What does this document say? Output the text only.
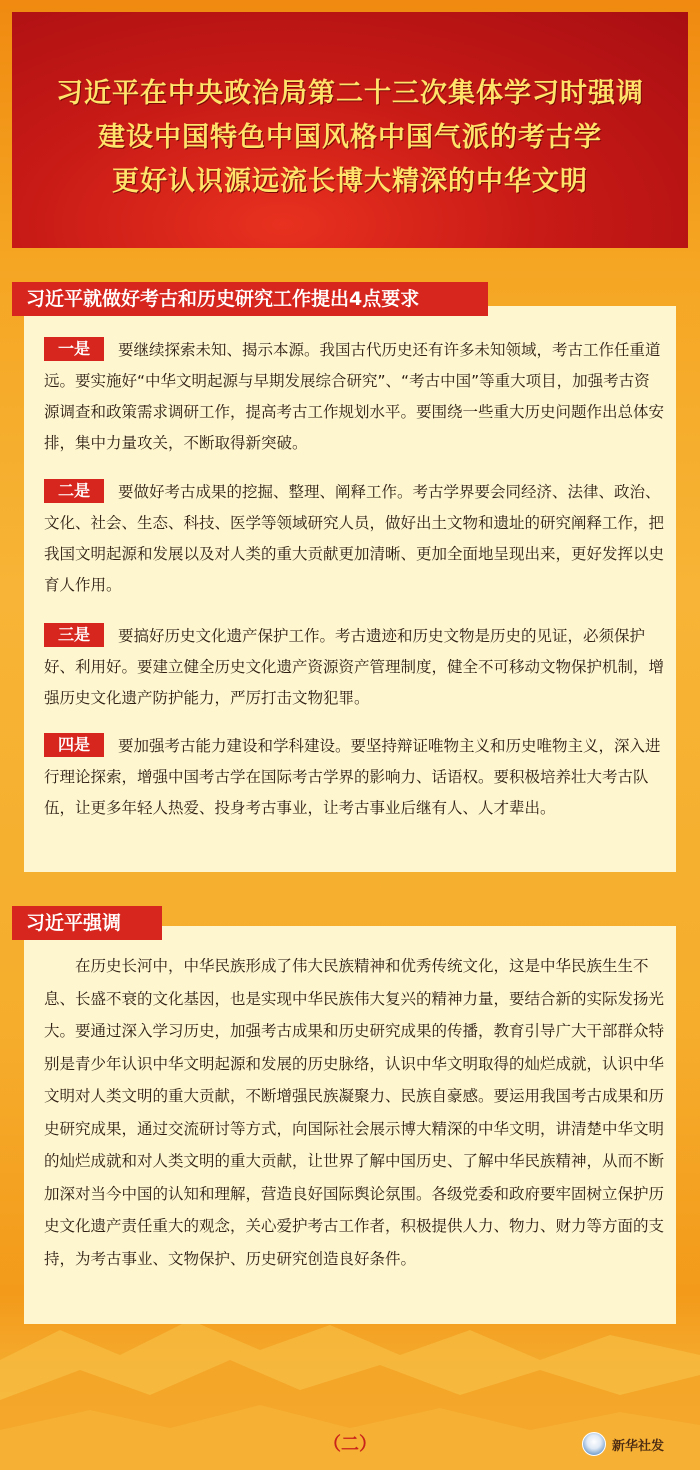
习近平在中央政治局第二十三次集体学习时强调
建设中国特色中国风格中国气派的考古学
更好认识源远流长博大精深的中华文明
习近平就做好考古和历史研究工作提出4点要求
一是 要继续探索未知、揭示本源。我国古代历史还有许多未知领域，考古工作任重道远。要实施好“中华文明起源与早期发展综合研究”、“考古中国”等重大项目，加强考古资源调查和政策需求调研工作，提高考古工作规划水平。要围绕一些重大历史问题作出总体安排，集中力量攻关，不断取得新突破。
二是 要做好考古成果的挖掘、整理、阐释工作。考古学界要会同经济、法律、政治、文化、社会、生态、科技、医学等领域研究人员，做好出土文物和遗址的研究阐释工作，把我国文明起源和发展以及对人类的重大贡献更加清晰、更加全面地呈现出来，更好发挥以史育人作用。
三是 要搞好历史文化遗产保护工作。考古遗迹和历史文物是历史的见证，必须保护好、利用好。要建立健全历史文化遗产资源资产管理制度，健全不可移动文物保护机制，增强历史文化遗产防护能力，严厉打击文物犯罪。
四是 要加强考古能力建设和学科建设。要坚持辩证唯物主义和历史唯物主义，深入进行理论探索，增强中国考古学在国际考古学界的影响力、话语权。要积极培养壮大考古队伍，让更多年轻人热爱、投身考古事业，让考古事业后继有人、人才辈出。
习近平强调
在历史长河中，中华民族形成了伟大民族精神和优秀传统文化，这是中华民族生生不息、长盛不衰的文化基因，也是实现中华民族伟大复兴的精神力量，要结合新的实际发扬光大。要通过深入学习历史，加强考古成果和历史研究成果的传播，教育引导广大干部群众特别是青少年认识中华文明起源和发展的历史脉络，认识中华文明取得的灿烂成就，认识中华文明对人类文明的重大贡献，不断增强民族凝聚力、民族自豪感。要运用我国考古成果和历史研究成果，通过交流研讨等方式，向国际社会展示博大精深的中华文明，讲清楚中华文明的灿烂成就和对人类文明的重大贡献，让世界了解中国历史、了解中华民族精神，从而不断加深对当今中国的认知和理解，营造良好国际舆论氛围。各级党委和政府要牢固树立保护历史文化遗产责任重大的观念，关心爱护考古工作者，积极提供人力、物力、财力等方面的支持，为考古事业、文物保护、历史研究创造良好条件。
（二）	新华社发
